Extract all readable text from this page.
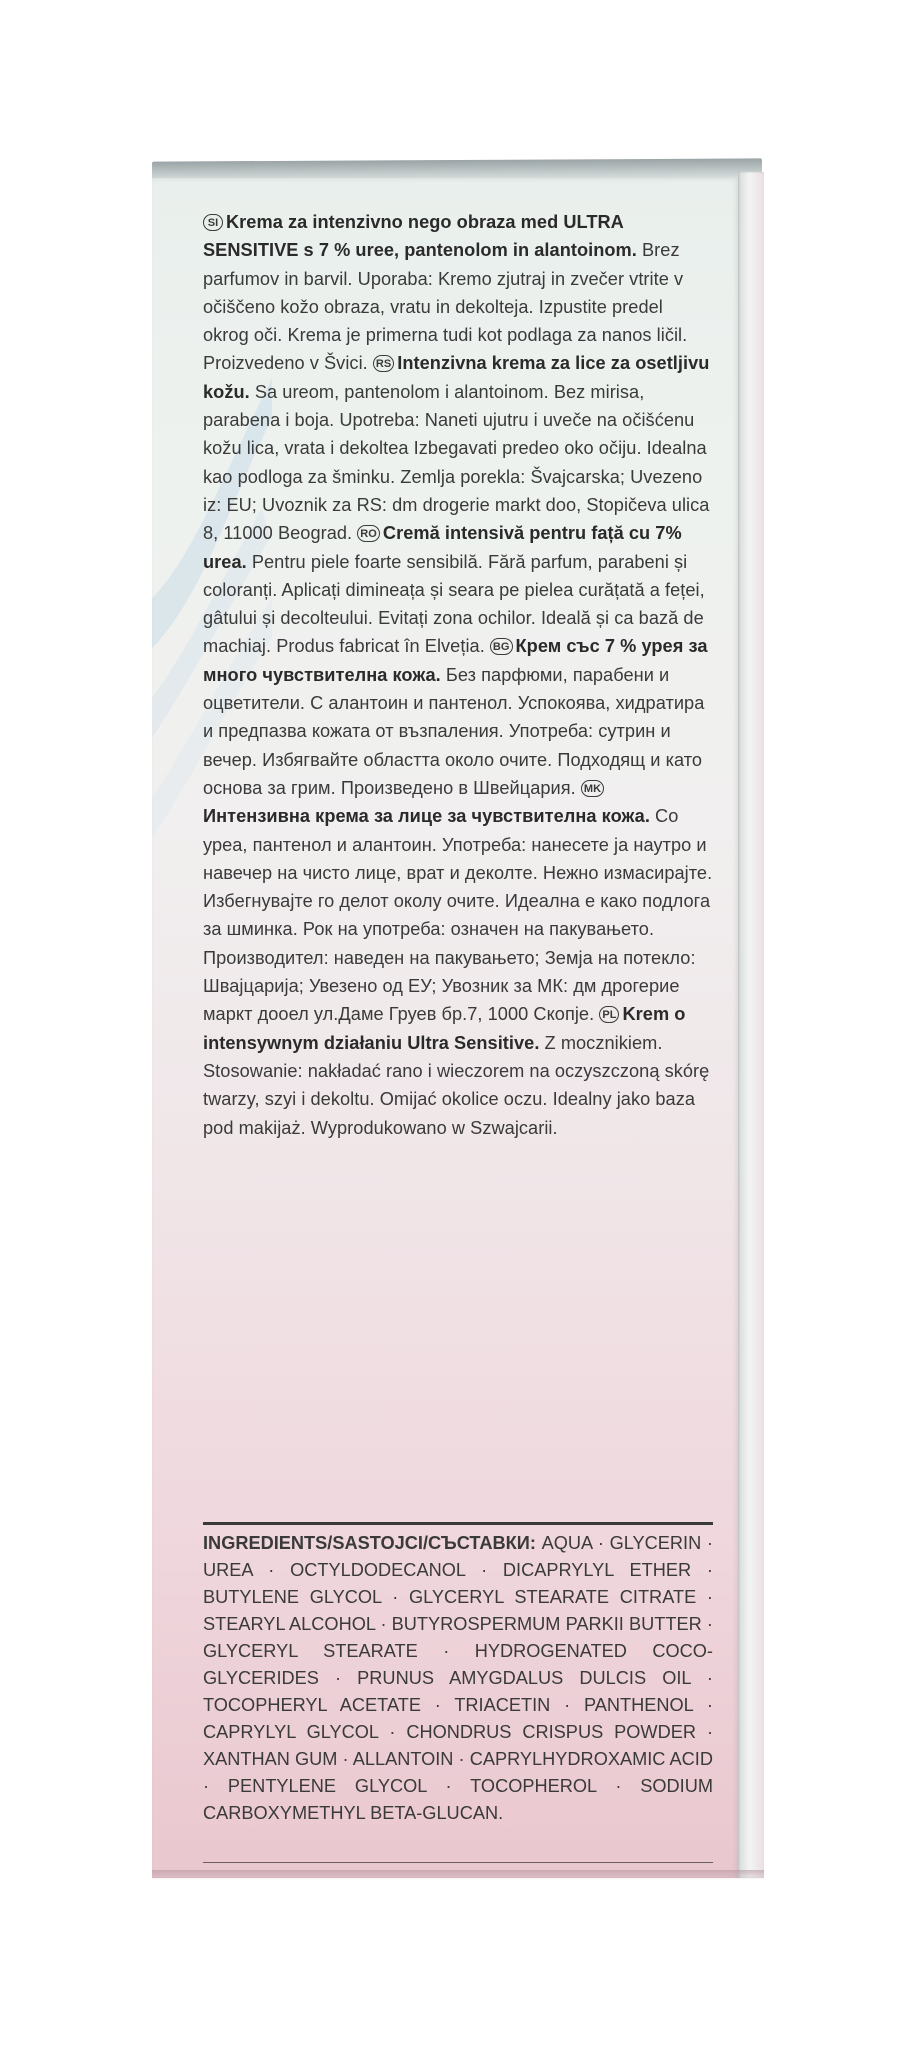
SI Krema za intenzivno nego obraza med ULTRA SENSITIVE s 7 % uree, pantenolom in alantoinom. Brez parfumov in barvil. Uporaba: Kremo zjutraj in zvečer vtrite v očiščeno kožo obraza, vratu in dekolteja. Izpustite predel okrog oči. Krema je primerna tudi kot podlaga za nanos ličil. Proizvedeno v Švici. RS Intenzivna krema za lice za osetljivu kožu. Sa ureom, pantenolom i alantoinom. Bez mirisa, parabena i boja. Upotreba: Naneti ujutru i uveče na očišćenu kožu lica, vrata i dekoltea Izbegavati predeo oko očiju. Idealna kao podloga za šminku. Zemlja porekla: Švajcarska; Uvezeno iz: EU; Uvoznik za RS: dm drogerie markt doo, Stopičeva ulica 8, 11000 Beograd. RO Cremă intensivă pentru față cu 7% urea. Pentru piele foarte sensibilă. Fără parfum, parabeni și coloranți. Aplicați dimineața și seara pe pielea curățată a feței, gâtului și decolteului. Evitați zona ochilor. Ideală și ca bază de machiaj. Produs fabricat în Elveția. BG Крем със 7 % урея за много чувствителна кожа. Без парфюми, парабени и оцветители. С алантоин и пантенол. Успокоява, хидратира и предпазва кожата от възпаления. Употреба: сутрин и вечер. Избягвайте областта около очите. Подходящ и като основа за грим. Произведено в Швейцария. MKИнтензивна крема за лице за чувствителна кожа. Со уреа, пантенол и алантоин. Употреба: нанесете ја наутро и навечер на чисто лице, врат и деколте. Нежно измасирајте. Избегнувајте го делот околу очите. Идеална е како подлога за шминка. Рок на употреба: означен на пакувањето. Производител: наведен на пакувањето; Земја на потекло: Швајцарија; Увезено од ЕУ; Увозник за МК: дм дрогерие маркт дооел ул.Даме Груев бр.7, 1000 Скопје. PL Krem o intensywnym działaniu Ultra Sensitive. Z mocznikiem. Stosowanie: nakładać rano i wieczorem na oczyszczoną skórę twarzy, szyi i dekoltu. Omijać okolice oczu. Idealny jako baza pod makijaż. Wyprodukowano w Szwajcarii.
INGREDIENTS/SASTOJCI/СЪСТАВКИ: AQUA · GLYCERIN · UREA · OCTYLDODECANOL · DICAPRYLYL ETHER · BUTYLENE GLYCOL · GLYCERYL STEARATE CITRATE · STEARYL ALCOHOL · BUTYROSPERMUM PARKII BUTTER · GLYCERYL STEARATE · HYDROGENATED COCO-GLYCERIDES · PRUNUS AMYGDALUS DULCIS OIL · TOCOPHERYL ACETATE · TRIACETIN · PANTHENOL · CAPRYLYL GLYCOL · CHONDRUS CRISPUS POWDER · XANTHAN GUM · ALLANTOIN · CAPRYLHYDROXAMIC ACID · PENTYLENE GLYCOL · TOCOPHEROL · SODIUM CARBOXYMETHYL BETA-GLUCAN.
